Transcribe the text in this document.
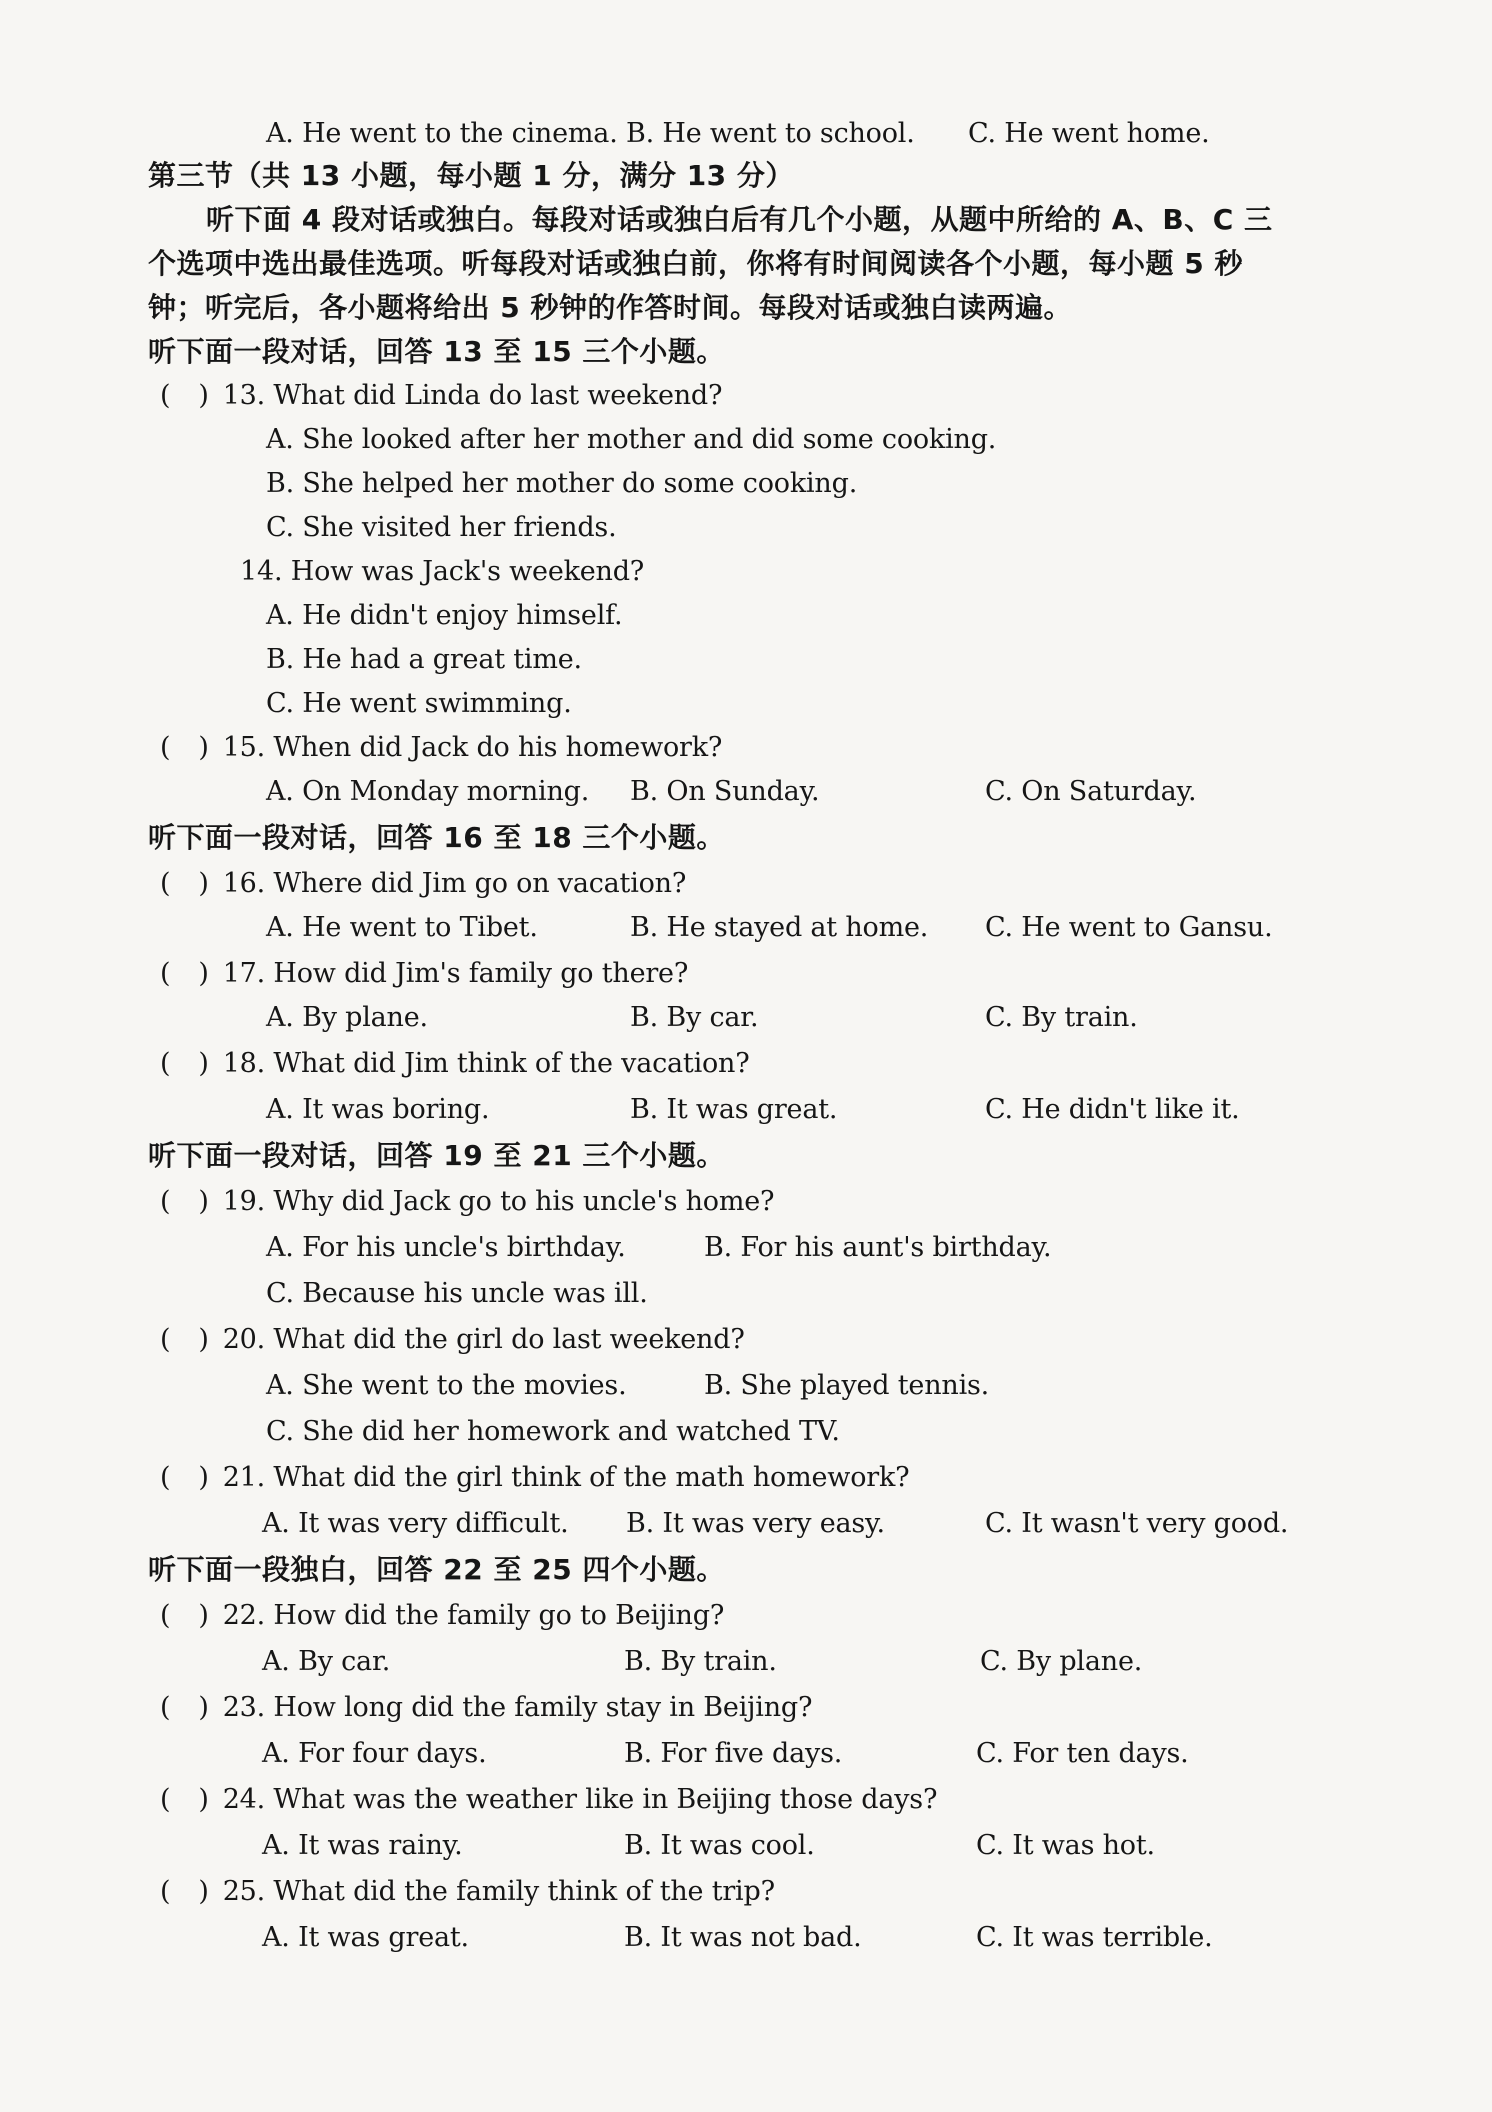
A. He went to the cinema. B. He went to school. C. He went home.
第三节（共 13 小题，每小题 1 分，满分 13 分）
听下面 4 段对话或独白。每段对话或独白后有几个小题，从题中所给的 A、B、C 三
个选项中选出最佳选项。听每段对话或独白前，你将有时间阅读各个小题，每小题 5 秒
钟；听完后，各小题将给出 5 秒钟的作答时间。每段对话或独白读两遍。
听下面一段对话，回答 13 至 15 三个小题。
( ) 13. What did Linda do last weekend?
A. She looked after her mother and did some cooking.
B. She helped her mother do some cooking.
C. She visited her friends.
14. How was Jack's weekend?
A. He didn't enjoy himself.
B. He had a great time.
C. He went swimming.
( ) 15. When did Jack do his homework?
A. On Monday morning. B. On Sunday.	C. On Saturday.
听下面一段对话，回答 16 至 18 三个小题。
( ) 16. Where did Jim go on vacation?
A. He went to Tibet.	B. He stayed at home. C. He went to Gansu.
( ) 17. How did Jim's family go there?
A. By plane.	B. By car.	C. By train.
( ) 18. What did Jim think of the vacation?
A. It was boring.	B. It was great.	C. He didn't like it.
听下面一段对话，回答 19 至 21 三个小题。
( ) 19. Why did Jack go to his uncle's home?
A. For his uncle's birthday.	B. For his aunt's birthday.
C. Because his uncle was ill.
( ) 20. What did the girl do last weekend?
A. She went to the movies.	B. She played tennis.
C. She did her homework and watched TV.
( ) 21. What did the girl think of the math homework?
A. It was very difficult. B. It was very easy.	C. It wasn't very good.
听下面一段独白，回答 22 至 25 四个小题。
( ) 22. How did the family go to Beijing?
A. By car.	B. By train.	C. By plane.
( ) 23. How long did the family stay in Beijing?
A. For four days.	B. For five days.	C. For ten days.
( ) 24. What was the weather like in Beijing those days?
A. It was rainy.	B. It was cool.	C. It was hot.
( ) 25. What did the family think of the trip?
A. It was great.	B. It was not bad.	C. It was terrible.
